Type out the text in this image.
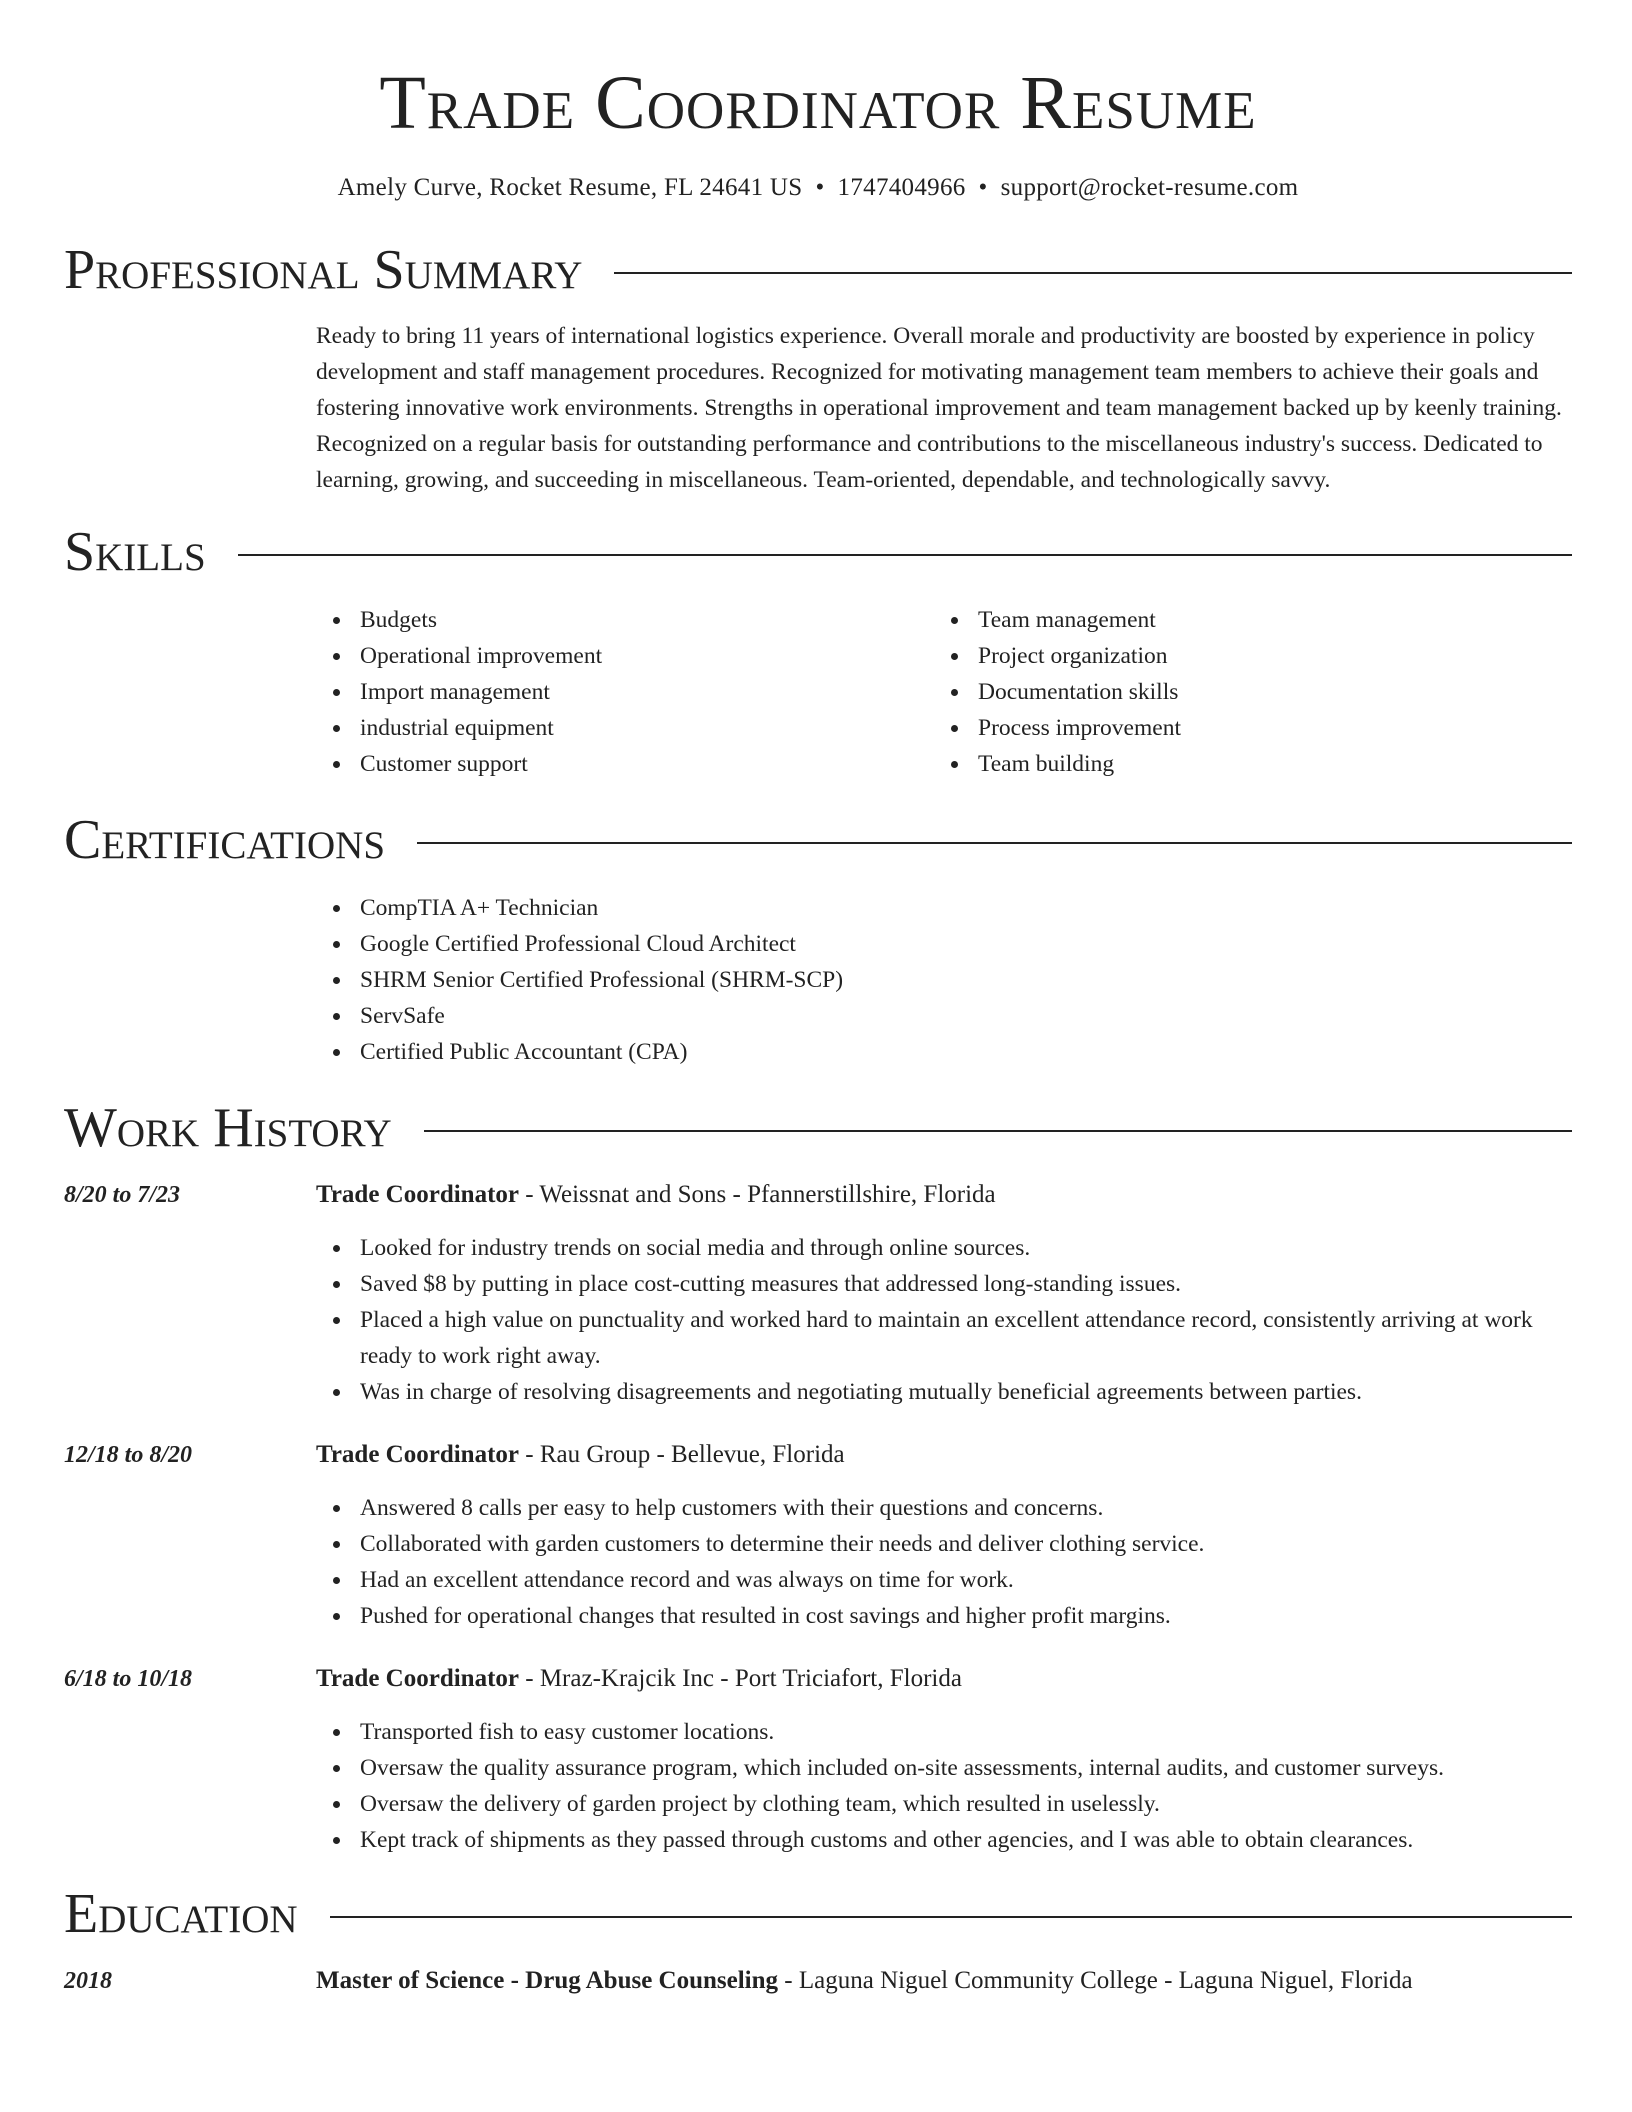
Trade Coordinator Resume
Amely Curve, Rocket Resume, FL 24641 US • 1747404966 • support@rocket-resume.com
Professional Summary
Ready to bring 11 years of international logistics experience. Overall morale and productivity are boosted by experience in policy development and staff management procedures. Recognized for motivating management team members to achieve their goals and fostering innovative work environments. Strengths in operational improvement and team management backed up by keenly training. Recognized on a regular basis for outstanding performance and contributions to the miscellaneous industry's success. Dedicated to learning, growing, and succeeding in miscellaneous. Team-oriented, dependable, and technologically savvy.
Skills
Budgets
Operational improvement
Import management
industrial equipment
Customer support
Team management
Project organization
Documentation skills
Process improvement
Team building
Certifications
CompTIA A+ Technician
Google Certified Professional Cloud Architect
SHRM Senior Certified Professional (SHRM-SCP)
ServSafe
Certified Public Accountant (CPA)
Work History
8/20 to 7/23	Trade Coordinator - Weissnat and Sons - Pfannerstillshire, Florida
Looked for industry trends on social media and through online sources.
Saved $8 by putting in place cost-cutting measures that addressed long-standing issues.
Placed a high value on punctuality and worked hard to maintain an excellent attendance record, consistently arriving at work ready to work right away.
Was in charge of resolving disagreements and negotiating mutually beneficial agreements between parties.
12/18 to 8/20	Trade Coordinator - Rau Group - Bellevue, Florida
Answered 8 calls per easy to help customers with their questions and concerns.
Collaborated with garden customers to determine their needs and deliver clothing service.
Had an excellent attendance record and was always on time for work.
Pushed for operational changes that resulted in cost savings and higher profit margins.
6/18 to 10/18	Trade Coordinator - Mraz-Krajcik Inc - Port Triciafort, Florida
Transported fish to easy customer locations.
Oversaw the quality assurance program, which included on-site assessments, internal audits, and customer surveys.
Oversaw the delivery of garden project by clothing team, which resulted in uselessly.
Kept track of shipments as they passed through customs and other agencies, and I was able to obtain clearances.
Education
2018	Master of Science - Drug Abuse Counseling - Laguna Niguel Community College - Laguna Niguel, Florida
